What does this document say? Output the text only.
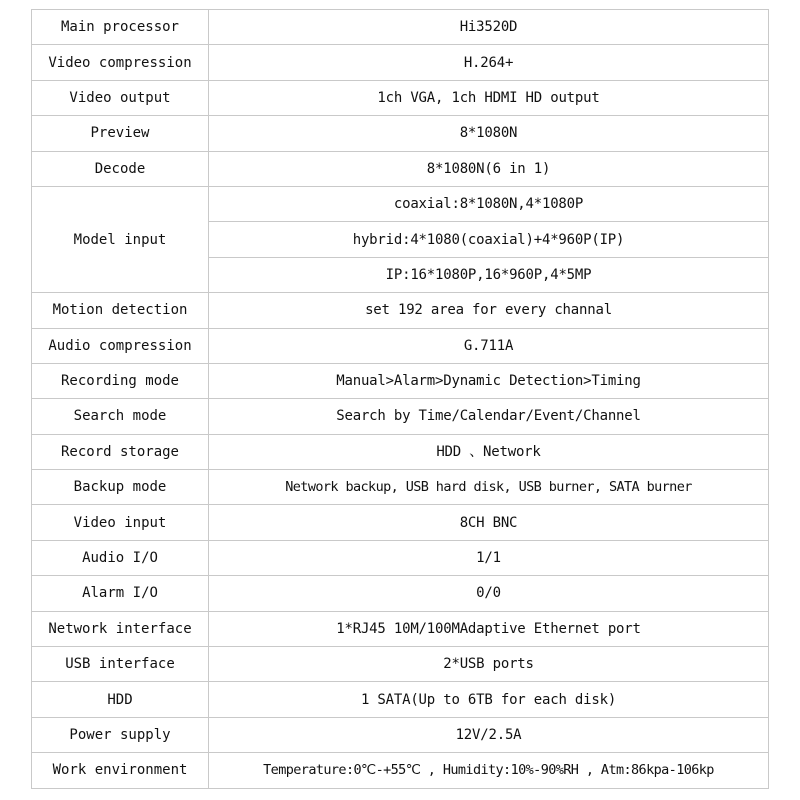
Main processor	Hi3520D
Video compression	H.264+
Video output	1ch VGA, 1ch HDMI HD output
Preview	8*1080N
Decode	8*1080N(6 in 1)
Model input	coaxial:8*1080N,4*1080P
	hybrid:4*1080(coaxial)+4*960P(IP)
	IP:16*1080P,16*960P,4*5MP
Motion detection	set 192 area for every channal
Audio compression	G.711A
Recording mode	Manual>Alarm>Dynamic Detection>Timing
Search mode	Search by Time/Calendar/Event/Channel
Record storage	HDD 、Network
Backup mode	Network backup, USB hard disk, USB burner, SATA burner
Video input	8CH BNC
Audio I/O	1/1
Alarm I/O	0/0
Network interface	1*RJ45 10M/100MAdaptive Ethernet port
USB interface	2*USB ports
HDD	1 SATA(Up to 6TB for each disk)
Power supply	12V/2.5A
Work environment	Temperature:0℃-+55℃ , Humidity:10%-90%RH , Atm:86kpa-106kp
